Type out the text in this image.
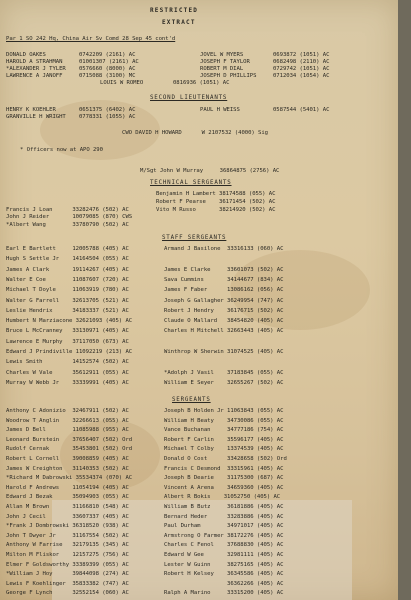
RESTRICTED
EXTRACT
Par 1 SO 242 Hq, China Air Sv Comd 28 Sep 45 cont'd
DONALD OAKES          0742209 (2161) AC	JOVEL W MYERS         0693872 (1051) AC
HAROLD A STRAHMAN     01001307 (2161) AC	JOSEPH F TAYLOR       0682498 (2110) AC
*ALEXANDER J TYLER    0576660 (8000) AC	ROBERT M DIAL         0729742 (1051) AC
LAWRENCE A JANOFF     0715088 (3100) MC	JOSEPH D PHILLIPS     0712034 (1054) AC
LOUIS W ROMEO         0816936 (1051) AC
SECOND LIEUTENANTS
HENRY K KOEHLER       0651375 (6402) AC	PAUL H WEISS          0587544 (5401) AC
GRANVILLE H WRIGHT    0778331 (1055) AC
CWO DAVID H HOWARD      W 2107532 (4000) Sig
* Officers now at APO 290
M/Sgt John W Murray     36864875 (2756) AC
TECHNICAL SERGEANTS
Benjamin H Lambert 38174588 (055) AC
Robert F Pearse    36171454 (502) AC
Francis J Loan      33282476 (502) AC	Vito M Russo       38214920 (502) AC
John J Reider       10079085 (870) CWS
*Albert Wang        33780790 (502) AC
STAFF SERGEANTS
Earl E Bartlett     12005788 (405) AC	Armand J Basilone  33316133 (060) AC
Hugh S Settle Jr    14164504 (055) AC
James A Clark       19114267 (405) AC	James E Clarke     33601073 (502) AC
Walter E Coe        11087607 (720) AC	Sava Cummins       34144677 (834) AC
Michael T Doyle     11063919 (780) AC	James F Faber      13086162 (056) AC
Walter G Farrell    32613705 (521) AC	Joseph G Gallagher 36249954 (747) AC
Leslie Hendrix      34183337 (521) AC	Robert J Hendry    36176715 (502) AC
Humbert N Marziacone 32621093 (405) AC	Claude O Mallard   38454820 (405) AC
Bruce L McCranney   33130971 (405) AC	Charles H Mitchell 32663443 (405) AC
Lawrence E Murphy   37117050 (673) AC
Edward J Prindiville 11092219 (213) AC	Winthrop W Sherwin 31074525 (405) AC
Lewis Smith         14152574 (502) AC
Charles W Vale      35612911 (055) AC	*Adolph J Vasil    37183845 (055) AC
Murray W Webb Jr    33339991 (405) AC	William E Seyer    32655267 (502) AC
SERGEANTS
Anthony C Adonizio  32467911 (502) AC	Joseph B Holden Jr 11063843 (055) AC
Woodrow T Anglin    32266613 (055) AC	William H Beaty    34730086 (055) AC
James D Bell        11085988 (955) AC	Vance Buchanan     34777186 (754) AC
Leonard Burstein    37656407 (502) Ord	Robert F Carlin    35596177 (405) AC
Rudolf Cernak       35453801 (502) Ord	Michael T Colby    13374539 (405) AC
Robert L Cornell    39008859 (405) AC	Donald O Cost      33428658 (502) Ord
James W Creighton   31140353 (502) AC	Francis C Desmond  33315961 (405) AC
*Richard M Dabrowski 35534374 (070) AC	Joseph B Dearie    31175300 (687) AC
Harold F Andrews    11054194 (405) AC	Vincent A Arena    34659360 (405) AC
Edward J Bezak      35094903 (055) AC	Albert R Bokis    31052750 (405) AC
Allan M Brown       31166810 (548) AC	William B Butz     36181886 (405) AC
John J Cecil        33607337 (405) AC	Bernard Heder      33283886 (405) AC
*Frank J Dombrowski 36318520 (938) AC	Paul Durham        34971017 (405) AC
John T Dwyer Jr     31167554 (502) AC	Armstrong O Farmer 38172276 (405) AC
Anthony W Farrise   32179135 (345) AC	Charles C Fenol    37688830 (405) AC
Milton M Fliskor    12157275 (756) AC	Edward W Gee       32981111 (405) AC
Elmer F Goldsworthy 33389399 (055) AC	Lester W Guinn     38275165 (405) AC
*William J Hoy      39844098 (274) AC	Robert H Kelsey    36345586 (405) AC
Lewis F Koehlinger  35833382 (747) AC	36362266 (405) AC
George F Lynch      32552154 (060) AC	Ralph A Marino     33315200 (405) AC
